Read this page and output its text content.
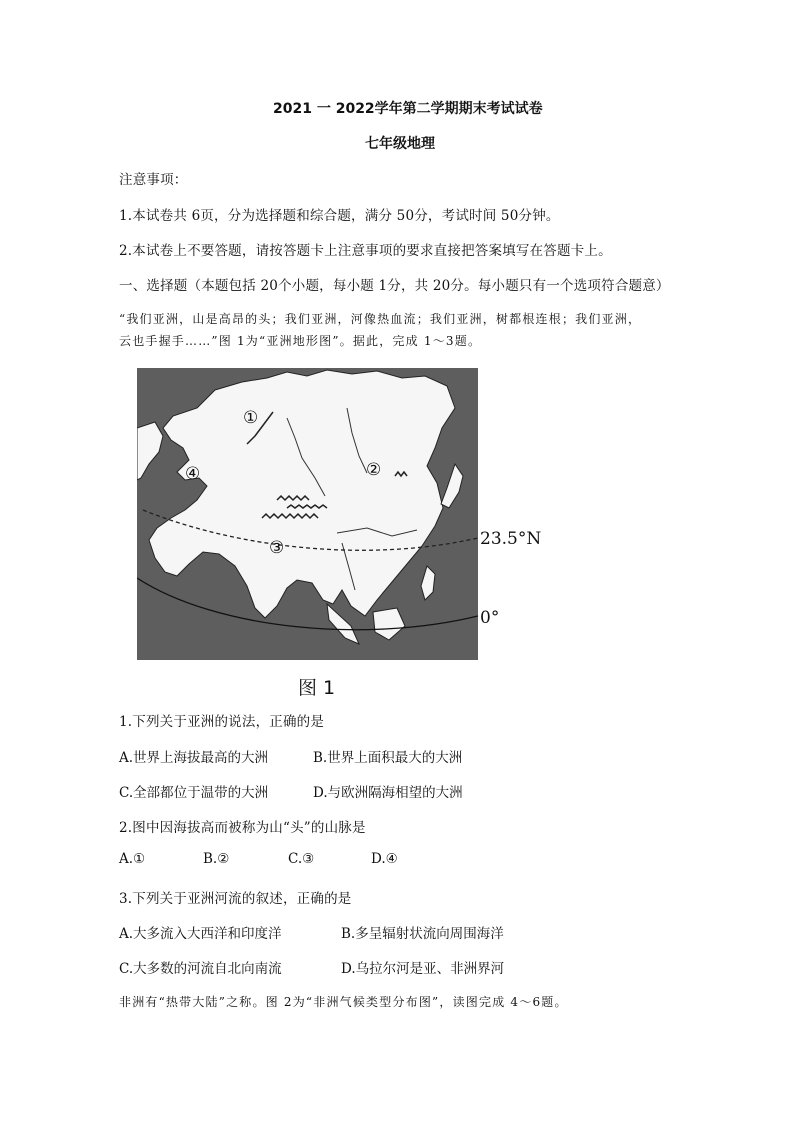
2021 一 2022学年第二学期期末考试试卷
七年级地理
注意事项：
1.本试卷共 6页，分为选择题和综合题，满分 50分，考试时间 50分钟。
2.本试卷上不要答题，请按答题卡上注意事项的要求直接把答案填写在答题卡上。
一、选择题（本题包括 20个小题，每小题 1分，共 20分。每小题只有一个选项符合题意）
“我们亚洲，山是高昂的头；我们亚洲，河像热血流；我们亚洲，树都根连根；我们亚洲，
云也手握手……”图 1为“亚洲地形图”。据此，完成 1～3题。
①
②
③
④
23.5°N
0°
图 1
1.下列关于亚洲的说法，正确的是
A.世界上海拔最高的大洲	B.世界上面积最大的大洲
C.全部都位于温带的大洲	D.与欧洲隔海相望的大洲
2.图中因海拔高而被称为山“头”的山脉是
A.①	B.②	C.③	D.④
3.下列关于亚洲河流的叙述，正确的是
A.大多流入大西洋和印度洋	B.多呈辐射状流向周围海洋
C.大多数的河流自北向南流	D.乌拉尔河是亚、非洲界河
非洲有“热带大陆”之称。图 2为“非洲气候类型分布图”，读图完成 4～6题。
